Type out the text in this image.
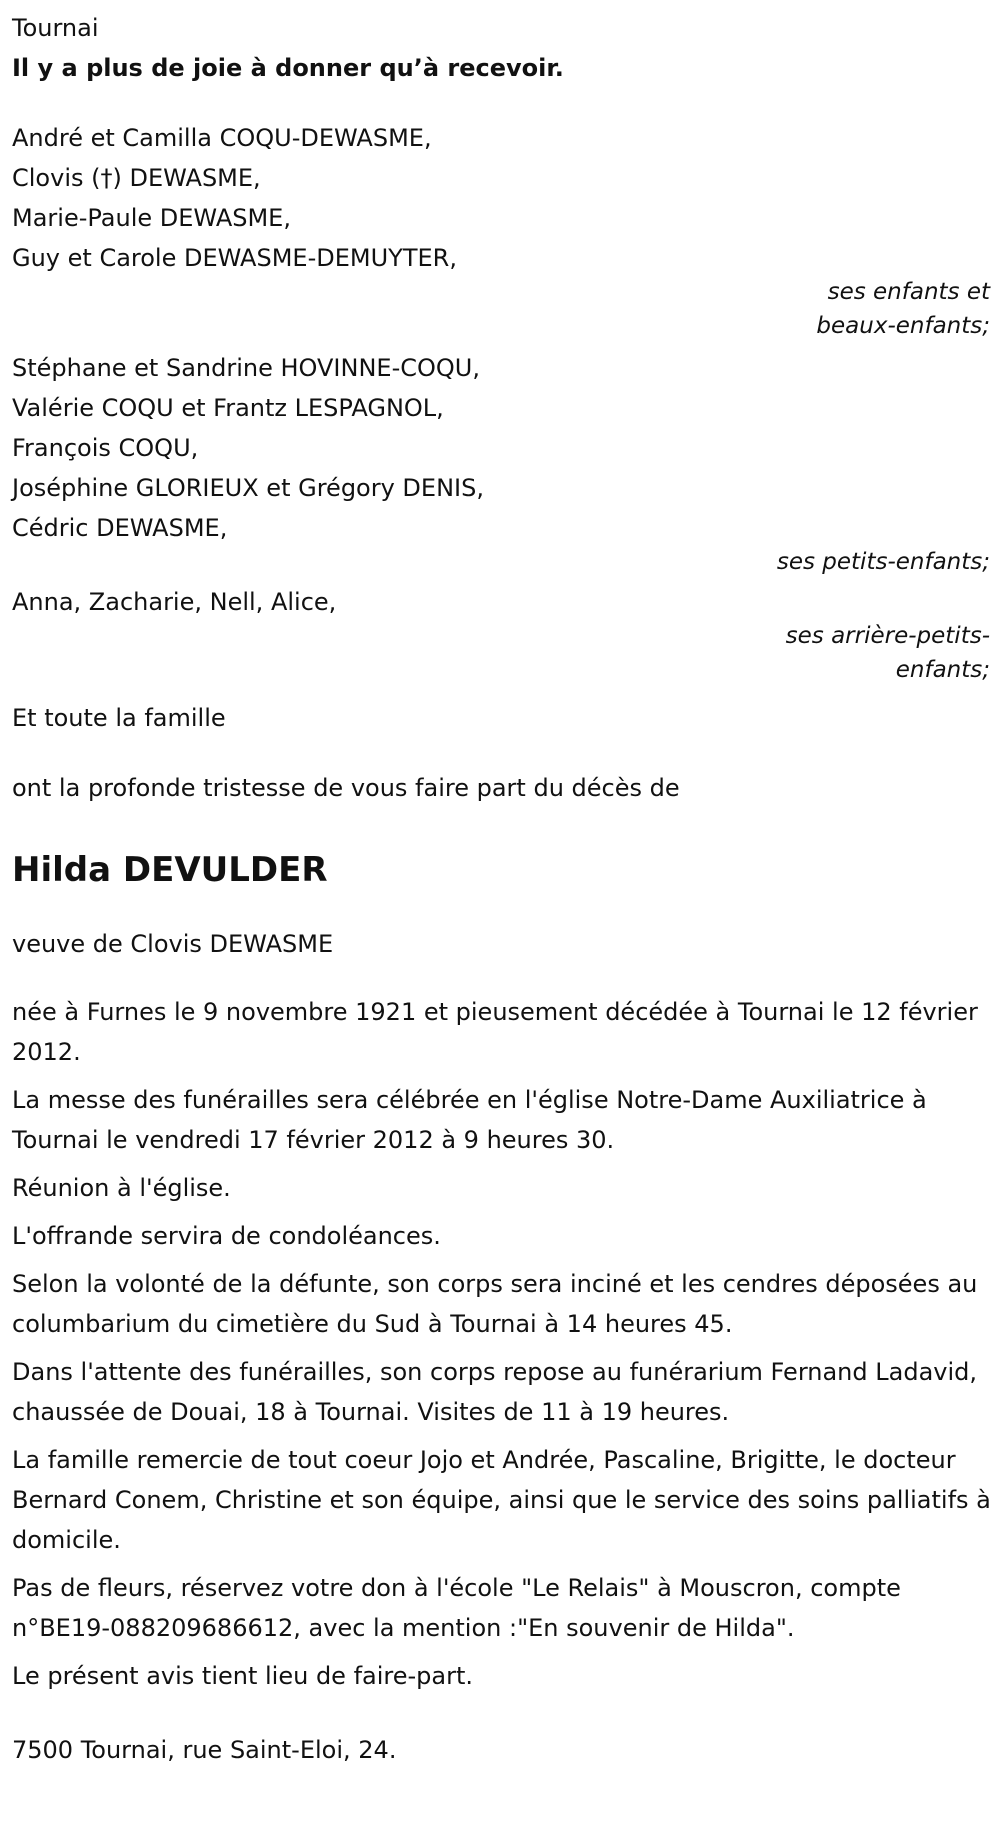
Tournai
Il y a plus de joie à donner qu’à recevoir.
André et Camilla COQU-DEWASME,
Clovis (†) DEWASME,
Marie-Paule DEWASME,
Guy et Carole DEWASME-DEMUYTER,
ses enfants et
beaux-enfants;
Stéphane et Sandrine HOVINNE-COQU,
Valérie COQU et Frantz LESPAGNOL,
François COQU,
Joséphine GLORIEUX et Grégory DENIS,
Cédric DEWASME,
ses petits-enfants;
Anna, Zacharie, Nell, Alice,
ses arrière-petits-
enfants;
Et toute la famille
ont la profonde tristesse de vous faire part du décès de
Hilda DEVULDER
veuve de Clovis DEWASME
née à Furnes le 9 novembre 1921 et pieusement décédée à Tournai le 12 février 2012.
La messe des funérailles sera célébrée en l'église Notre-Dame Auxiliatrice à Tournai le vendredi 17 février 2012 à 9 heures 30.
Réunion à l'église.
L'offrande servira de condoléances.
Selon la volonté de la défunte, son corps sera inciné et les cendres déposées au columbarium du cimetière du Sud à Tournai à 14 heures 45.
Dans l'attente des funérailles, son corps repose au funérarium Fernand Ladavid, chaussée de Douai, 18 à Tournai. Visites de 11 à 19 heures.
La famille remercie de tout coeur Jojo et Andrée, Pascaline, Brigitte, le docteur Bernard Conem, Christine et son équipe, ainsi que le service des soins palliatifs à domicile.
Pas de fleurs, réservez votre don à l'école "Le Relais" à Mouscron, compte n°BE19-088209686612, avec la mention :"En souvenir de Hilda".
Le présent avis tient lieu de faire-part.
7500 Tournai, rue Saint-Eloi, 24.
